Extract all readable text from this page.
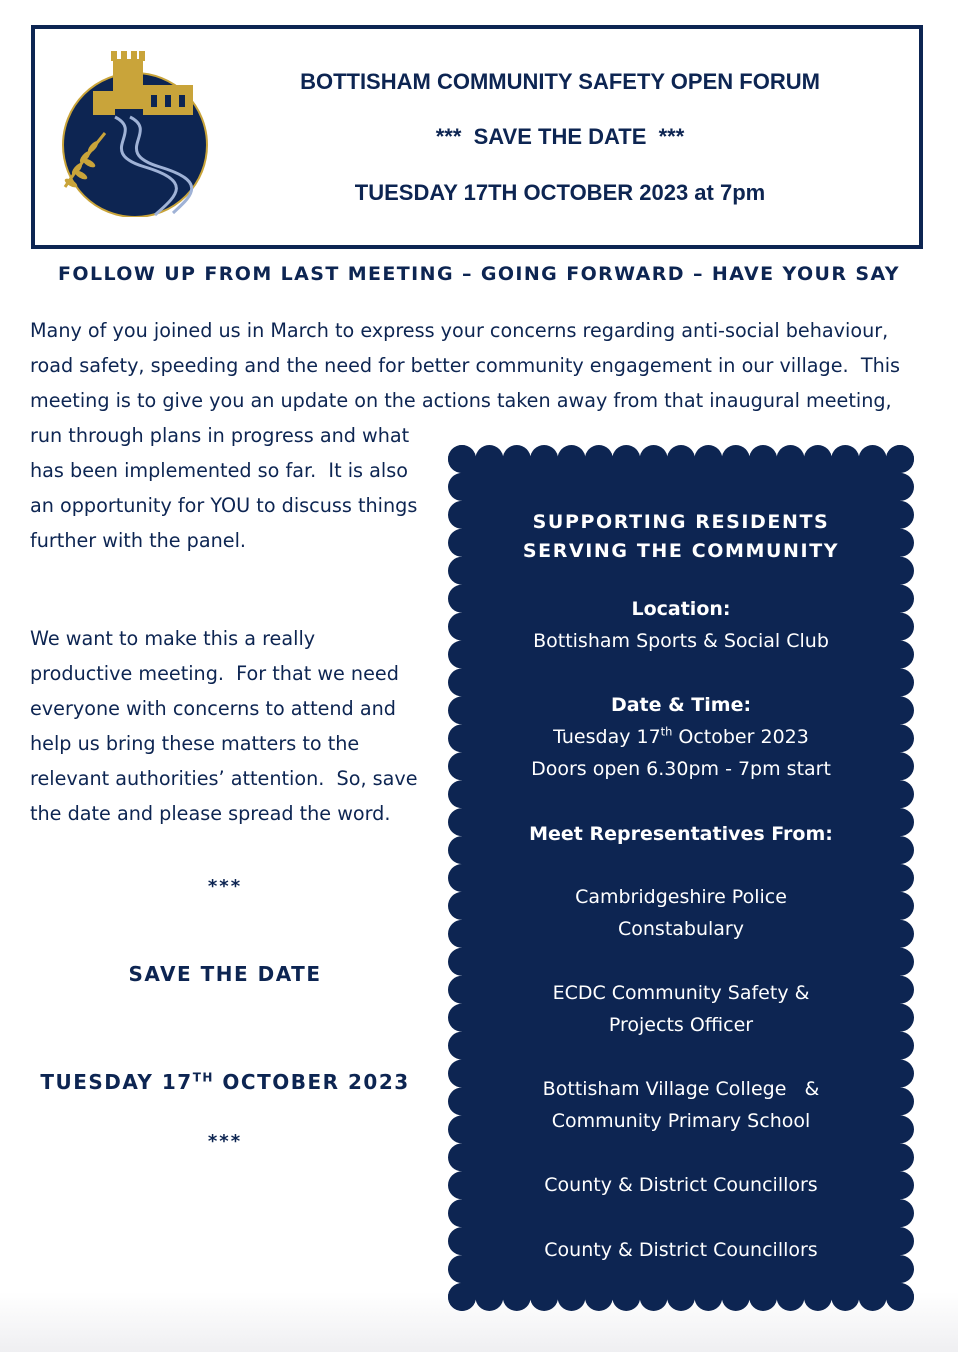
BOTTISHAM COMMUNITY SAFETY OPEN FORUM
***  SAVE THE DATE  ***
TUESDAY 17TH OCTOBER 2023 at 7pm
FOLLOW UP FROM LAST MEETING – GOING FORWARD – HAVE YOUR SAY
Many of you joined us in March to express your concerns regarding anti-social behaviour,
road safety, speeding and the need for better community engagement in our village.  This
meeting is to give you an update on the actions taken away from that inaugural meeting,
run through plans in progress and what
has been implemented so far.  It is also
an opportunity for YOU to discuss things
further with the panel.
We want to make this a really
productive meeting.  For that we need
everyone with concerns to attend and
help us bring these matters to the
relevant authorities’ attention.  So, save
the date and please spread the word.
***
SAVE THE DATE
TUESDAY 17TH OCTOBER 2023
***
SUPPORTING RESIDENTS
SERVING THE COMMUNITY
Location:
Bottisham Sports & Social Club
Date & Time:
Tuesday 17th October 2023
Doors open 6.30pm - 7pm start
Meet Representatives From:
Cambridgeshire Police
Constabulary
ECDC Community Safety &
Projects Officer
Bottisham Village College   &
Community Primary School
County & District Councillors
County & District Councillors
